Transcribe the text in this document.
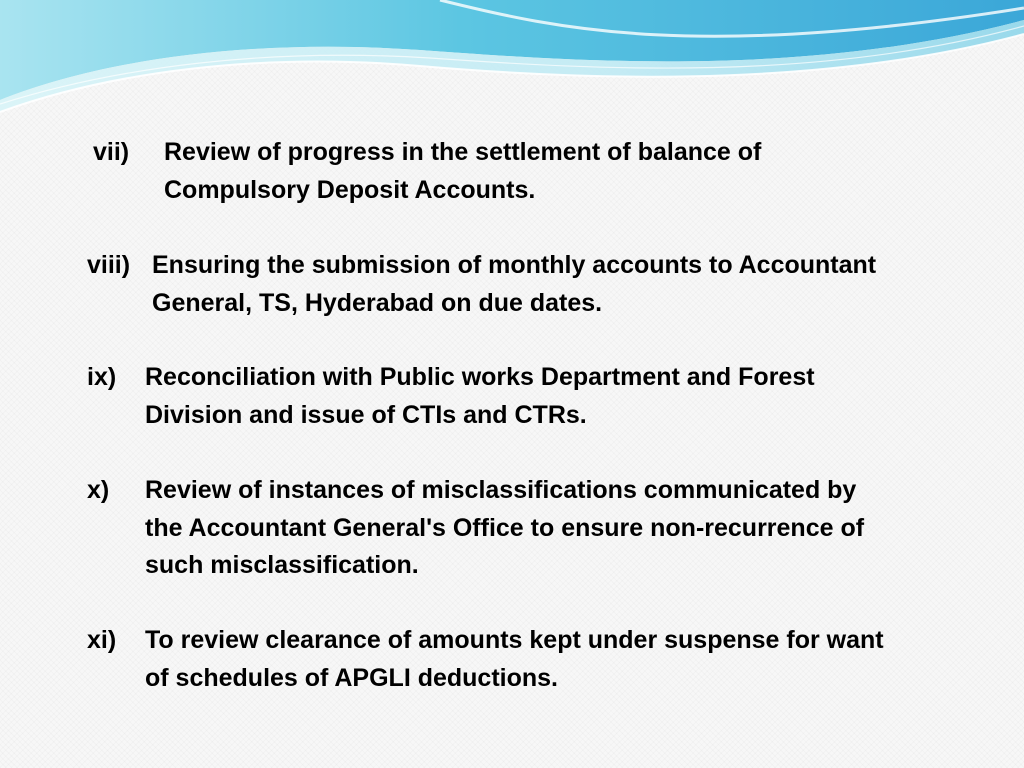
vii) Review of progress in the settlement of balance of
Compulsory Deposit Accounts.
viii) Ensuring the submission of monthly accounts to Accountant
General, TS, Hyderabad on due dates.
ix) Reconciliation with Public works Department and Forest
Division and issue of CTIs and CTRs.
x) Review of instances of misclassifications communicated by
the Accountant General's Office to ensure non-recurrence of
such misclassification.
xi) To review clearance of amounts kept under suspense for want
of schedules of APGLI deductions.
